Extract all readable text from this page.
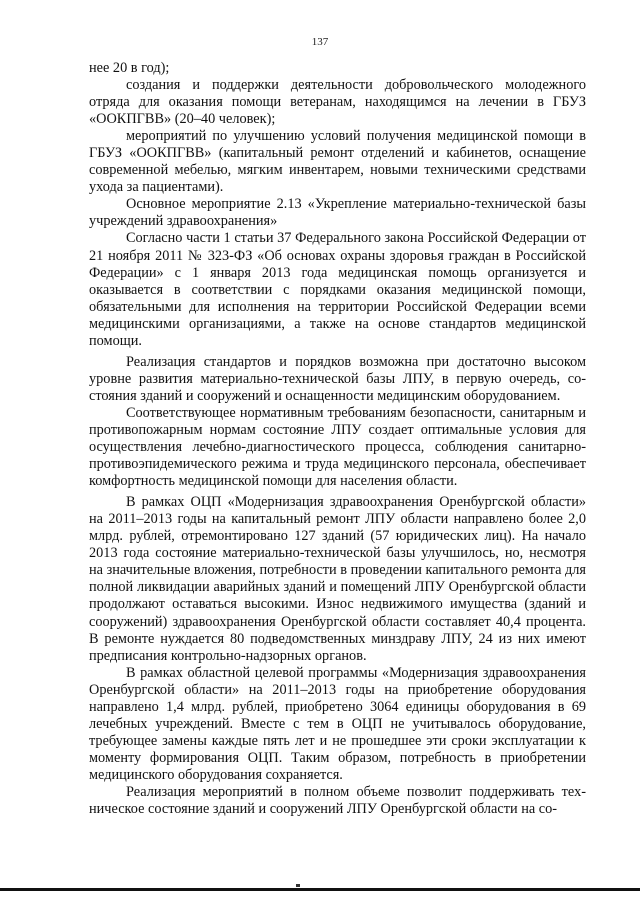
137

нее 20 в год);

создания и поддержки деятельности добровольческого молодежного отряда для оказания помощи ветеранам, находящимся на лечении в ГБУЗ «ООКПГВВ» (20–40 человек);

мероприятий по улучшению условий получения медицинской помощи в ГБУЗ «ООКПГВВ» (капитальный ремонт отделений и кабинетов, оснащение современной мебелью, мягким инвентарем, новыми техническими средствами ухода за пациентами).

Основное мероприятие 2.13 «Укрепление материально-технической базы учреждений здравоохранения»

Согласно части 1 статьи 37 Федерального закона Российской Федерации от 21 ноября 2011 № 323-ФЗ «Об основах охраны здоровья граждан в Российской Федерации» с 1 января 2013 года медицинская помощь организуется и оказывается в соответствии с порядками оказания медицинской помощи, обязательными для исполнения на территории Российской Федерации всеми медицинскими организациями, а также на основе стандартов медицинской помощи.

Реализация стандартов и порядков возможна при достаточно высоком уровне развития материально-технической базы ЛПУ, в первую очередь, состояния зданий и сооружений и оснащенности медицинским оборудованием.

Соответствующее нормативным требованиям безопасности, санитарным и противопожарным нормам состояние ЛПУ создает оптимальные условия для осуществления лечебно-диагностического процесса, соблюдения санитарно-противоэпидемического режима и труда медицинского персонала, обеспечивает комфортность медицинской помощи для населения области.

В рамках ОЦП «Модернизация здравоохранения Оренбургской области» на 2011–2013 годы на капитальный ремонт ЛПУ области направлено более 2,0 млрд. рублей, отремонтировано 127 зданий (57 юридических лиц). На начало 2013 года состояние материально-технической базы улучшилось, но, несмотря на значительные вложения, потребности в проведении капитального ремонта для полной ликвидации аварийных зданий и помещений ЛПУ Оренбургской области продолжают оставаться высокими. Износ недвижимого имущества (зданий и сооружений) здравоохранения Оренбургской области составляет 40,4 процента. В ремонте нуждается 80 подведомственных минздраву ЛПУ, 24 из них имеют предписания контрольно-надзорных органов.

В рамках областной целевой программы «Модернизация здравоохранения Оренбургской области» на 2011–2013 годы на приобретение оборудования направлено 1,4 млрд. рублей, приобретено 3064 единицы оборудования в 69 лечебных учреждений. Вместе с тем в ОЦП не учитывалось оборудование, требующее замены каждые пять лет и не прошедшее эти сроки эксплуатации к моменту формирования ОЦП. Таким образом, потребность в приобретении медицинского оборудования сохраняется.

Реализация мероприятий в полном объеме позволит поддерживать техническое состояние зданий и сооружений ЛПУ Оренбургской области на со-
